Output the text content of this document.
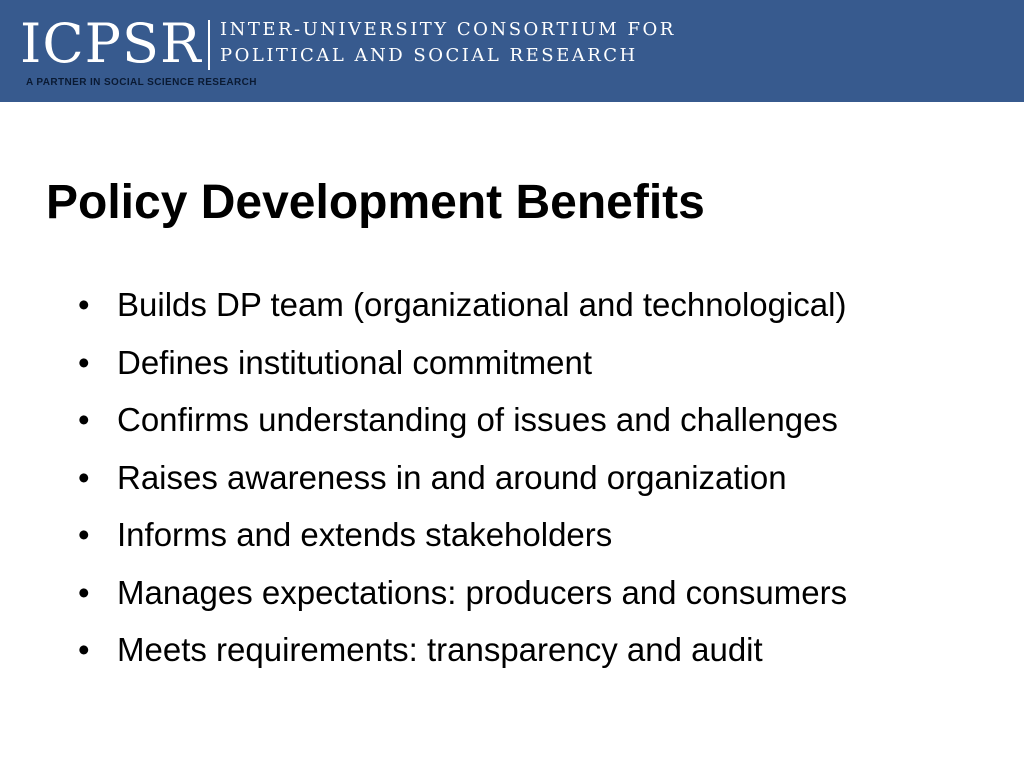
ICPSR INTER-UNIVERSITY CONSORTIUM FOR
POLITICAL AND SOCIAL RESEARCH

A PARTNER IN SOCIAL SCIENCE RESEARCH

Policy Development Benefits
• Builds DP team (organizational and technological)
• Defines institutional commitment
• Confirms understanding of issues and challenges
• Raises awareness in and around organization
• Informs and extends stakeholders
• Manages expectations: producers and consumers
• Meets requirements: transparency and audit
